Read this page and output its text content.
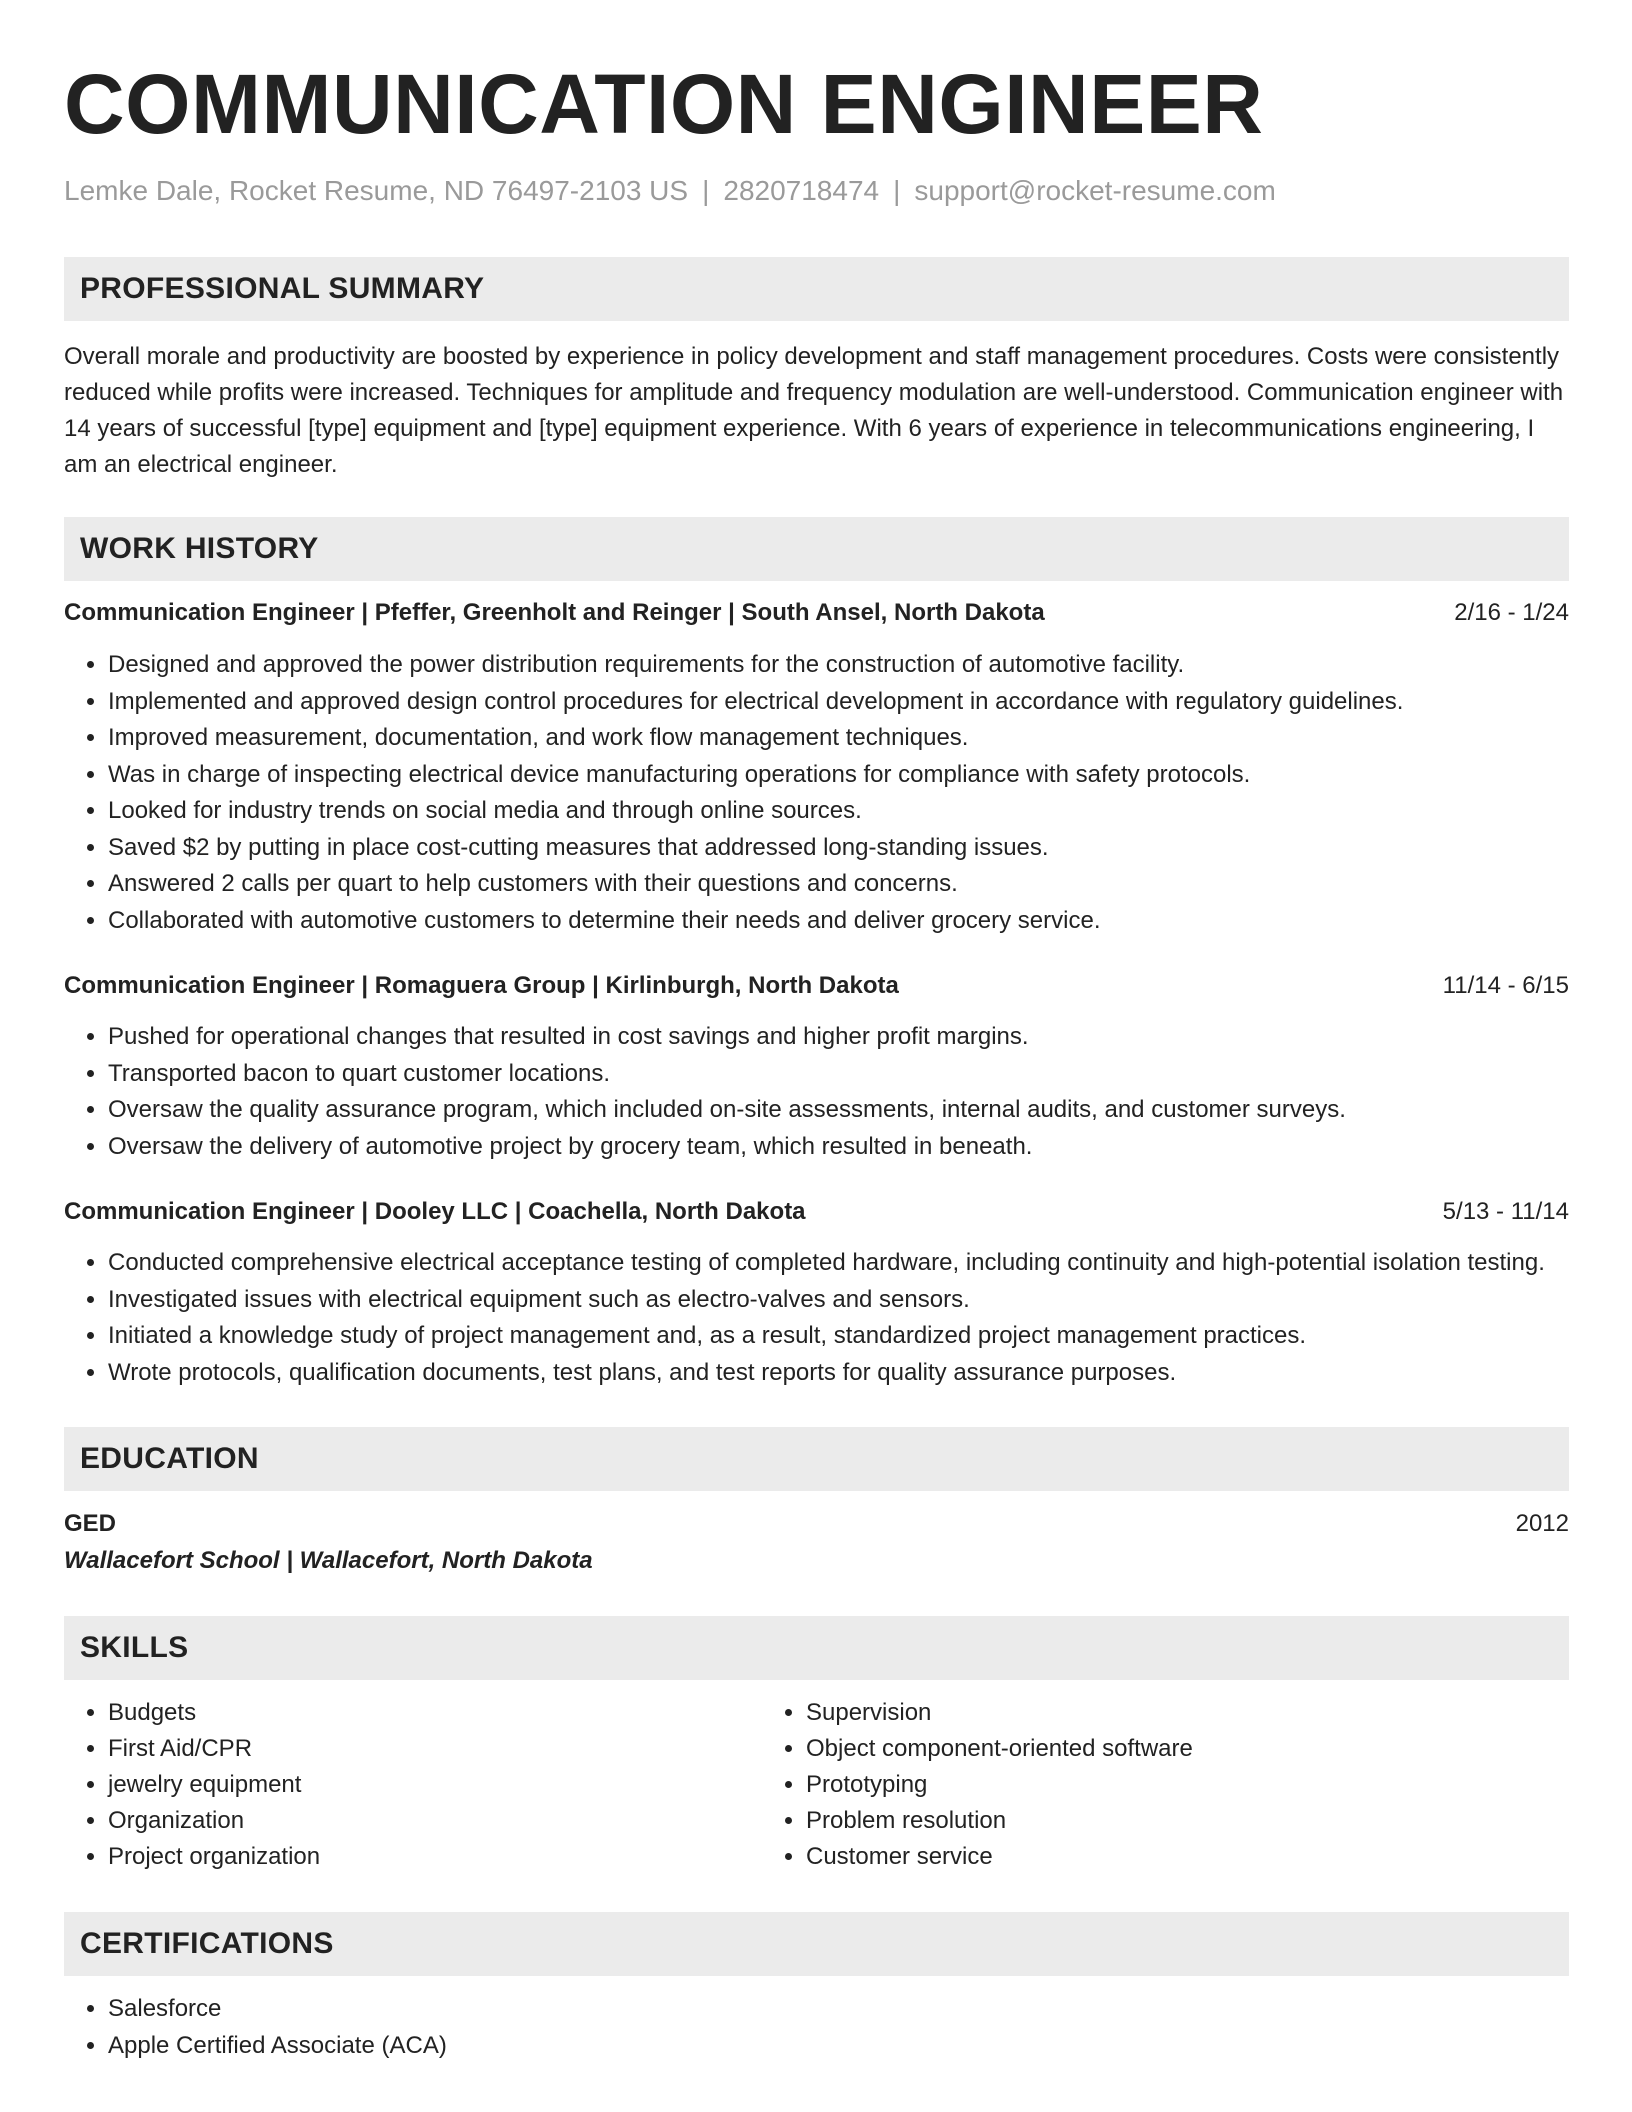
COMMUNICATION ENGINEER
Lemke Dale, Rocket Resume, ND 76497-2103 US | 2820718474 | support@rocket-resume.com
PROFESSIONAL SUMMARY

Overall morale and productivity are boosted by experience in policy development and staff management procedures. Costs were consistently reduced while profits were increased. Techniques for amplitude and frequency modulation are well-understood. Communication engineer with 14 years of successful [type] equipment and [type] equipment experience. With 6 years of experience in telecommunications engineering, I am an electrical engineer.

WORK HISTORY
Communication Engineer | Pfeffer, Greenholt and Reinger | South Ansel, North Dakota	2/16 - 1/24
• Designed and approved the power distribution requirements for the construction of automotive facility.
• Implemented and approved design control procedures for electrical development in accordance with regulatory guidelines.
• Improved measurement, documentation, and work flow management techniques.
• Was in charge of inspecting electrical device manufacturing operations for compliance with safety protocols.
• Looked for industry trends on social media and through online sources.
• Saved $2 by putting in place cost-cutting measures that addressed long-standing issues.
• Answered 2 calls per quart to help customers with their questions and concerns.
• Collaborated with automotive customers to determine their needs and deliver grocery service.
Communication Engineer | Romaguera Group | Kirlinburgh, North Dakota	11/14 - 6/15
• Pushed for operational changes that resulted in cost savings and higher profit margins.
• Transported bacon to quart customer locations.
• Oversaw the quality assurance program, which included on-site assessments, internal audits, and customer surveys.
• Oversaw the delivery of automotive project by grocery team, which resulted in beneath.
Communication Engineer | Dooley LLC | Coachella, North Dakota	5/13 - 11/14
• Conducted comprehensive electrical acceptance testing of completed hardware, including continuity and high-potential isolation testing.
• Investigated issues with electrical equipment such as electro-valves and sensors.
• Initiated a knowledge study of project management and, as a result, standardized project management practices.
• Wrote protocols, qualification documents, test plans, and test reports for quality assurance purposes.
EDUCATION
GED	2012
Wallacefort School | Wallacefort, North Dakota
SKILLS
• Budgets
• First Aid/CPR
• jewelry equipment
• Organization
• Project organization
• Supervision
• Object component-oriented software
• Prototyping
• Problem resolution
• Customer service
CERTIFICATIONS
• Salesforce
• Apple Certified Associate (ACA)
